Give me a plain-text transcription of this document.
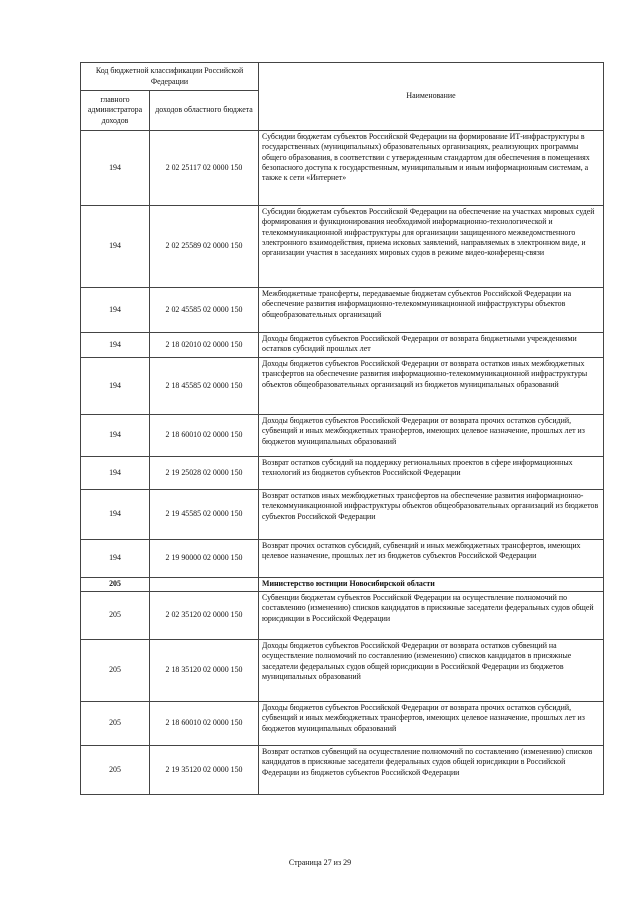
Код бюджетной классификации Российской Федерации		Наименование
главного администратора доходов	доходов областного бюджета	
194	2 02 25117 02 0000 150	Субсидии бюджетам субъектов Российской Федерации на формирование ИТ-инфраструктуры в государственных (муниципальных) образовательных организациях, реализующих программы общего образования, в соответствии с утвержденным стандартом для обеспечения в помещениях безопасного доступа к государственным, муниципальным и иным информационным системам, а также к сети «Интернет»
194	2 02 25589 02 0000 150	Субсидии бюджетам субъектов Российской Федерации на обеспечение на участках мировых судей формирования и функционирования необходимой информационно-технологической и телекоммуникационной инфраструктуры для организации защищенного межведомственного электронного взаимодействия, приема исковых заявлений, направляемых в электронном виде, и организации участия в заседаниях мировых судов в режиме видео-конференц-связи
194	2 02 45585 02 0000 150	Межбюджетные трансферты, передаваемые бюджетам субъектов Российской Федерации на обеспечение развития информационно-телекоммуникационной инфраструктуры объектов общеобразовательных организаций
194	2 18 02010 02 0000 150	Доходы бюджетов субъектов Российской Федерации от возврата бюджетными учреждениями остатков субсидий прошлых лет
194	2 18 45585 02 0000 150	Доходы бюджетов субъектов Российской Федерации от возврата остатков иных межбюджетных трансфертов на обеспечение развития информационно-телекоммуникационной инфраструктуры объектов общеобразовательных организаций из бюджетов муниципальных образований
194	2 18 60010 02 0000 150	Доходы бюджетов субъектов Российской Федерации от возврата прочих остатков субсидий, субвенций и иных межбюджетных трансфертов, имеющих целевое назначение, прошлых лет из бюджетов муниципальных образований
194	2 19 25028 02 0000 150	Возврат остатков субсидий на поддержку региональных проектов в сфере информационных технологий из бюджетов субъектов Российской Федерации
194	2 19 45585 02 0000 150	Возврат остатков иных межбюджетных трансфертов на обеспечение развития информационно-телекоммуникационной инфраструктуры объектов общеобразовательных организаций из бюджетов субъектов Российской Федерации
194	2 19 90000 02 0000 150	Возврат прочих остатков субсидий, субвенций и иных межбюджетных трансфертов, имеющих целевое назначение, прошлых лет из бюджетов субъектов Российской Федерации
205		Министерство юстиции Новосибирской области
205	2 02 35120 02 0000 150	Субвенции бюджетам субъектов Российской Федерации на осуществление полномочий по составлению (изменению) списков кандидатов в присяжные заседатели федеральных судов общей юрисдикции в Российской Федерации
205	2 18 35120 02 0000 150	Доходы бюджетов субъектов Российской Федерации от возврата остатков субвенций на осуществление полномочий по составлению (изменению) списков кандидатов в присяжные заседатели федеральных судов общей юрисдикции в Российской Федерации из бюджетов муниципальных образований
205	2 18 60010 02 0000 150	Доходы бюджетов субъектов Российской Федерации от возврата прочих остатков субсидий, субвенций и иных межбюджетных трансфертов, имеющих целевое назначение, прошлых лет из бюджетов муниципальных образований
205	2 19 35120 02 0000 150	Возврат остатков субвенций на осуществление полномочий по составлению (изменению) списков кандидатов в присяжные заседатели федеральных судов общей юрисдикции в Российской Федерации из бюджетов субъектов Российской Федерации
Страница 27 из 29
